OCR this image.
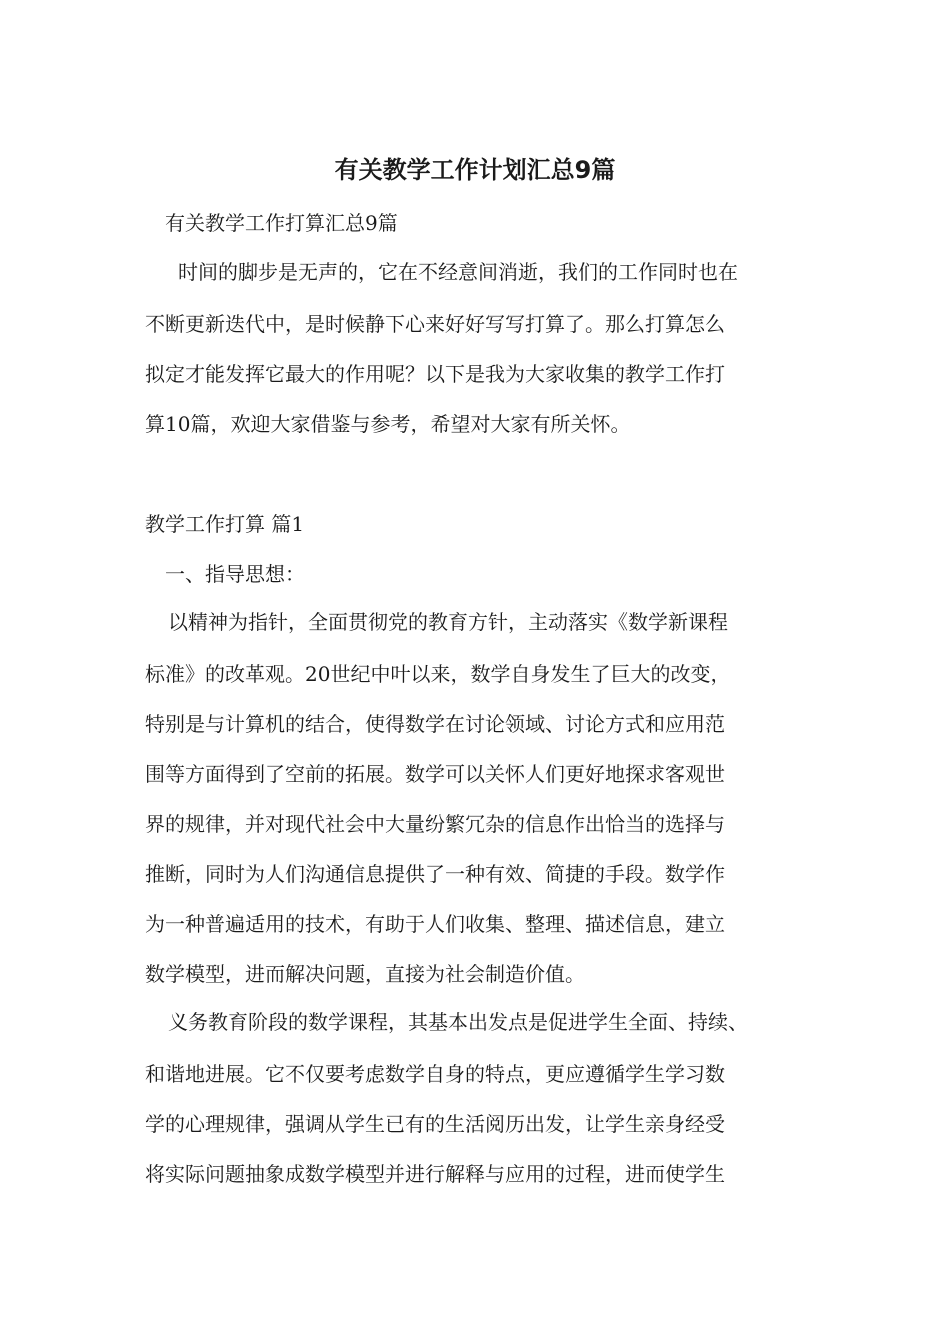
有关教学工作计划汇总9篇

有关教学工作打算汇总9篇

时间的脚步是无声的，它在不经意间消逝，我们的工作同时也在

不断更新迭代中，是时候静下心来好好写写打算了。那么打算怎么

拟定才能发挥它最大的作用呢？以下是我为大家收集的教学工作打

算10篇，欢迎大家借鉴与参考，希望对大家有所关怀。

教学工作打算 篇1

一、指导思想：

以精神为指针，全面贯彻党的教育方针，主动落实《数学新课程

标准》的改革观。20世纪中叶以来，数学自身发生了巨大的改变，

特别是与计算机的结合，使得数学在讨论领域、讨论方式和应用范

围等方面得到了空前的拓展。数学可以关怀人们更好地探求客观世

界的规律，并对现代社会中大量纷繁冗杂的信息作出恰当的选择与

推断，同时为人们沟通信息提供了一种有效、简捷的手段。数学作

为一种普遍适用的技术，有助于人们收集、整理、描述信息，建立

数学模型，进而解决问题，直接为社会制造价值。

义务教育阶段的数学课程，其基本出发点是促进学生全面、持续、

和谐地进展。它不仅要考虑数学自身的特点，更应遵循学生学习数

学的心理规律，强调从学生已有的生活阅历出发，让学生亲身经受

将实际问题抽象成数学模型并进行解释与应用的过程，进而使学生
